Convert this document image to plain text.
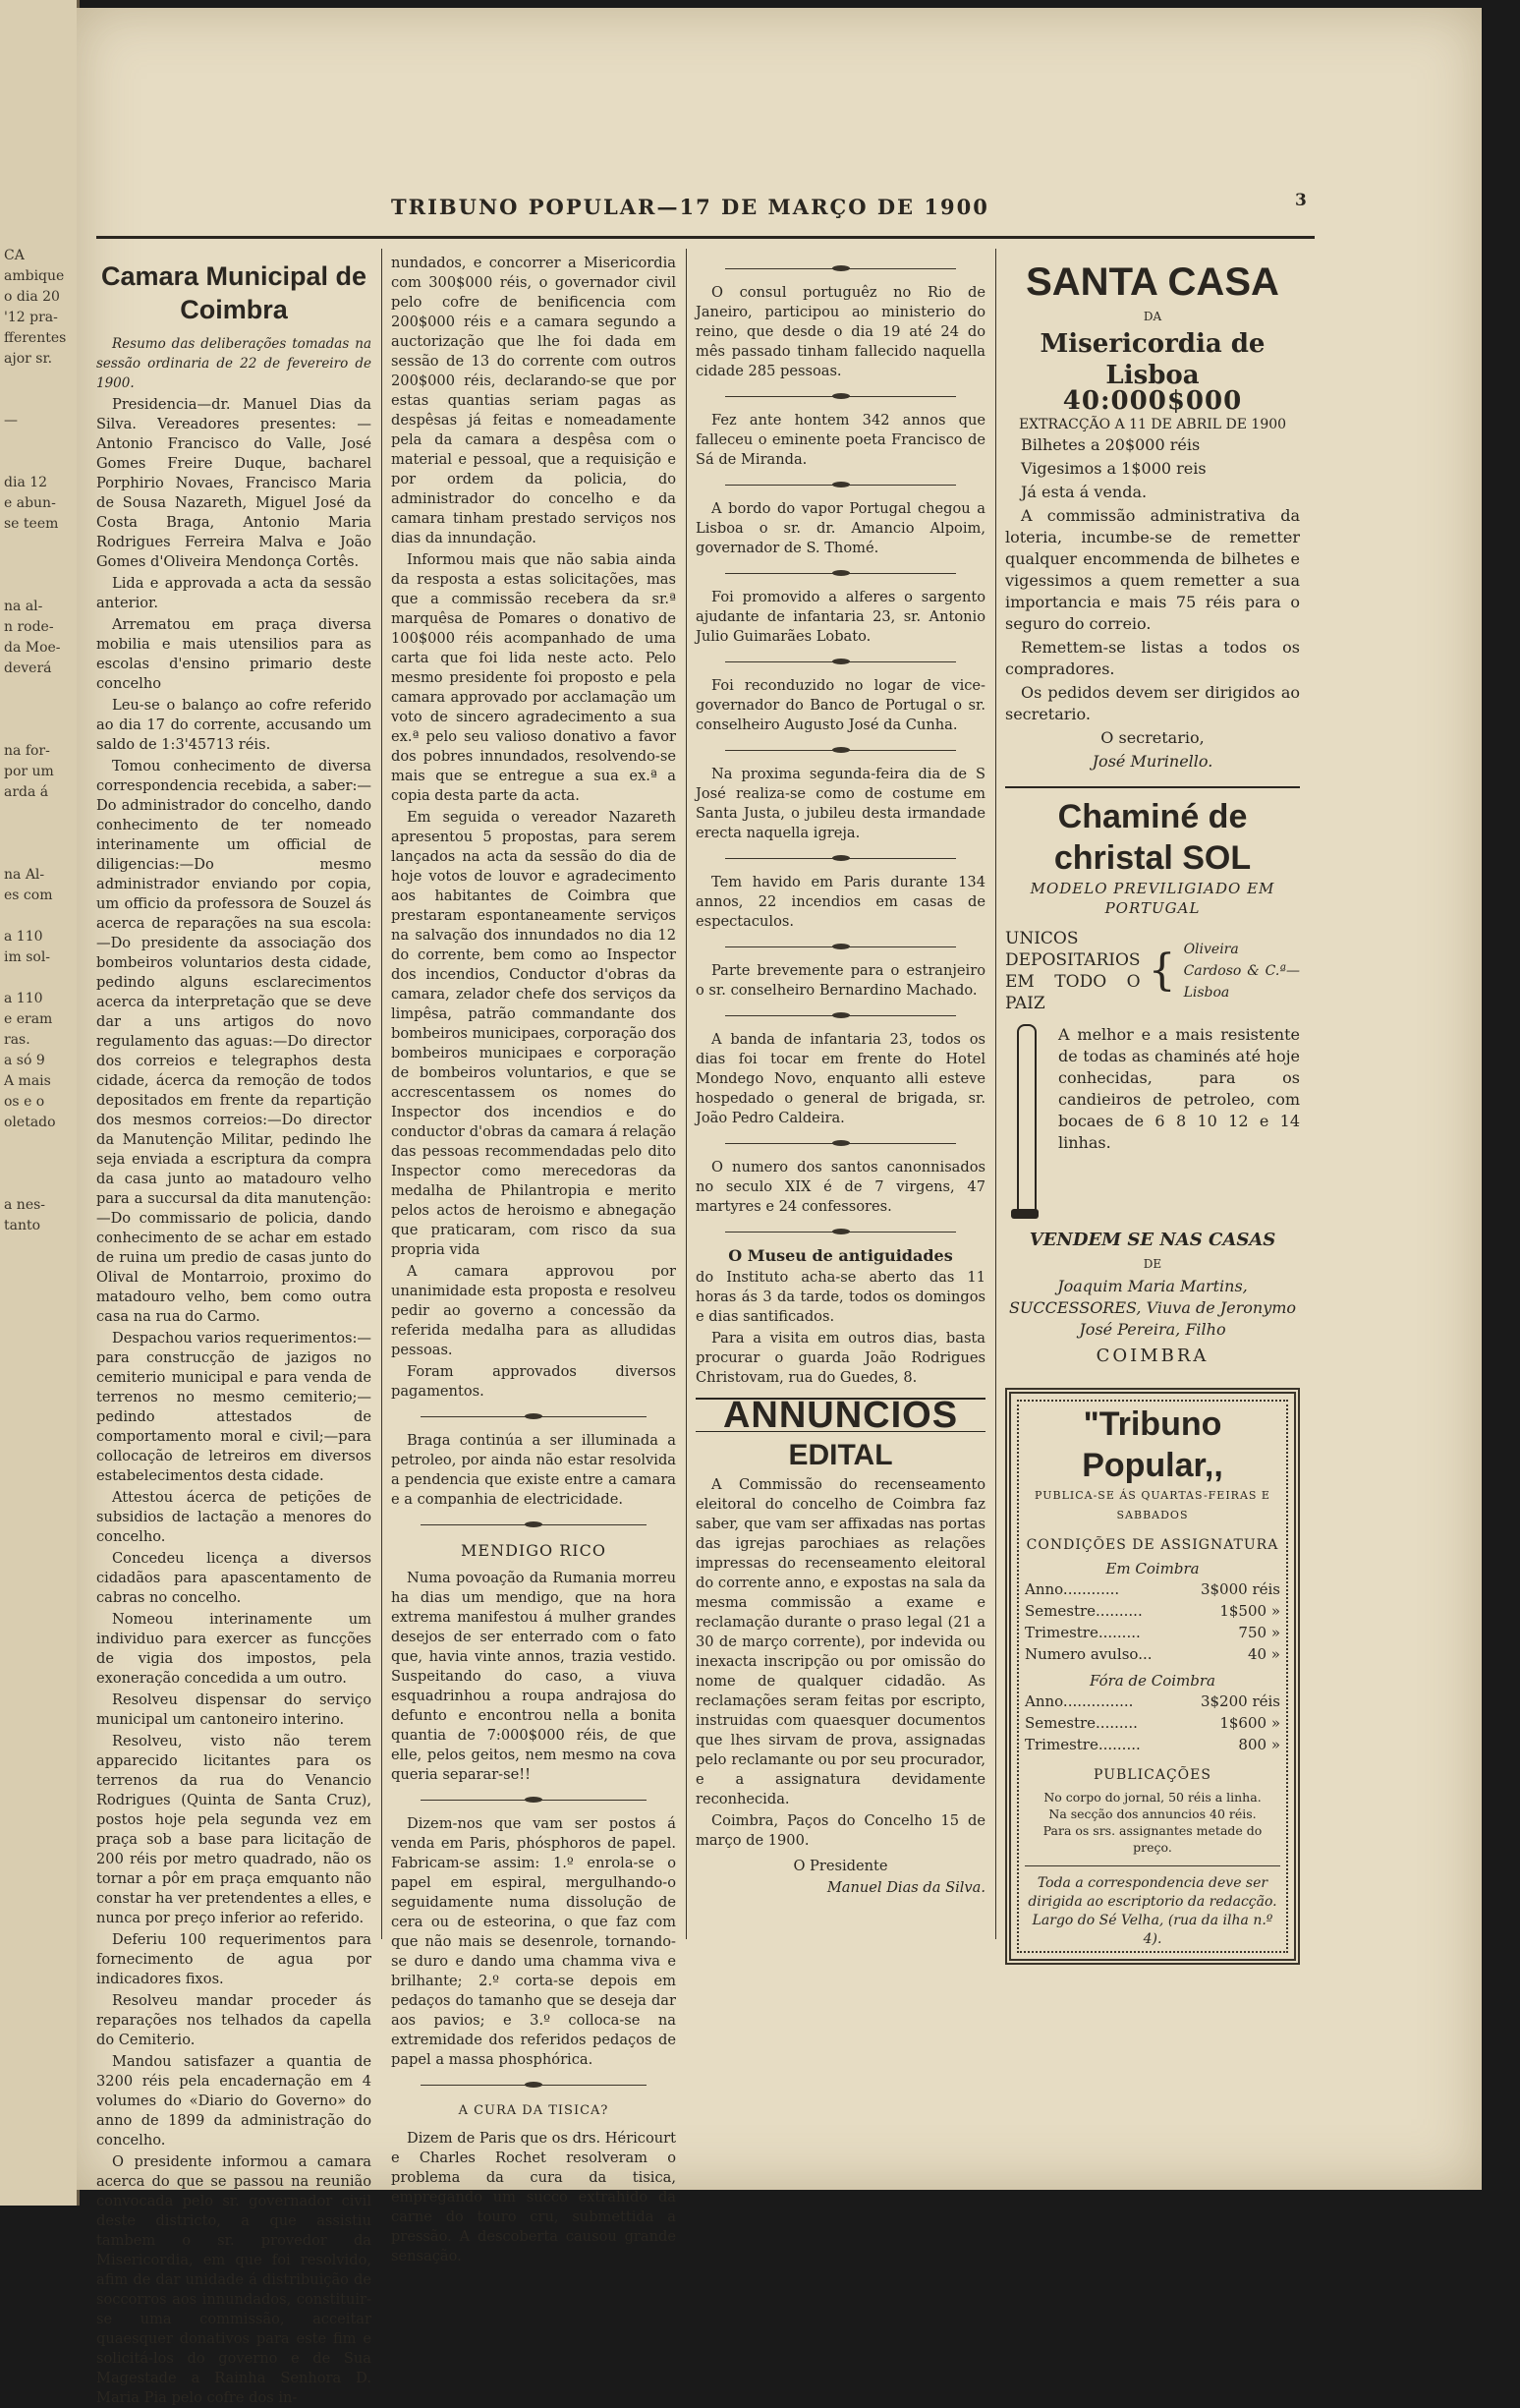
CA
ambique
o dia 20
'12 pra-
fferentes
ajor sr.

—

dia 12
e abun-
se teem

na al-
n rode-
da Moe-
deverá

na for-
por um
arda á

na Al-
es com

a 110
im sol-

a 110
e eram
ras.
a só 9
A mais
os e o
oletado

a nes-
tanto
TRIBUNO POPULAR—17 DE MARÇO DE 1900	3
Camara Municipal de Coimbra

Resumo das deliberações tomadas na sessão ordinaria de 22 de fevereiro de 1900.

Presidencia—dr. Manuel Dias da Silva. Vereadores presentes: — Antonio Francisco do Valle, José Gomes Freire Duque, bacharel Porphirio Novaes, Francisco Maria de Sousa Nazareth, Miguel José da Costa Braga, Antonio Maria Rodrigues Ferreira Malva e João Gomes d'Oliveira Mendonça Cortês.

Lida e approvada a acta da sessão anterior.

Arrematou em praça diversa mobilia e mais utensilios para as escolas d'ensino primario deste concelho

Leu-se o balanço ao cofre referido ao dia 17 do corrente, accusando um saldo de 1:3'45713 réis.

Tomou conhecimento de diversa correspondencia recebida, a saber:—Do administrador do concelho, dando conhecimento de ter nomeado interinamente um official de diligencias:—Do mesmo administrador enviando por copia, um officio da professora de Souzel ás acerca de reparações na sua escola:—Do presidente da associação dos bombeiros voluntarios desta cidade, pedindo alguns esclarecimentos acerca da interpretação que se deve dar a uns artigos do novo regulamento das aguas:—Do director dos correios e telegraphos desta cidade, ácerca da remoção de todos depositados em frente da repartição dos mesmos correios:—Do director da Manutenção Militar, pedindo lhe seja enviada a escriptura da compra da casa junto ao matadouro velho para a succursal da dita manutenção:—Do commissario de policia, dando conhecimento de se achar em estado de ruina um predio de casas junto do Olival de Montarroio, proximo do matadouro velho, bem como outra casa na rua do Carmo.

Despachou varios requerimentos:—para construcção de jazigos no cemiterio municipal e para venda de terrenos no mesmo cemiterio;—pedindo attestados de comportamento moral e civil;—para collocação de letreiros em diversos estabelecimentos desta cidade.

Attestou ácerca de petições de subsidios de lactação a menores do concelho.

Concedeu licença a diversos cidadãos para apascentamento de cabras no concelho.

Nomeou interinamente um individuo para exercer as funcções de vigia dos impostos, pela exoneração concedida a um outro.

Resolveu dispensar do serviço municipal um cantoneiro interino.

Resolveu, visto não terem apparecido licitantes para os terrenos da rua do Venancio Rodrigues (Quinta de Santa Cruz), postos hoje pela segunda vez em praça sob a base para licitação de 200 réis por metro quadrado, não os tornar a pôr em praça emquanto não constar ha ver pretendentes a elles, e nunca por preço inferior ao referido.

Deferiu 100 requerimentos para fornecimento de agua por indicadores fixos.

Resolveu mandar proceder ás reparações nos telhados da capella do Cemiterio.

Mandou satisfazer a quantia de 3200 réis pela encadernação em 4 volumes do «Diario do Governo» do anno de 1899 da administração do concelho.

O presidente informou a camara acerca do que se passou na reunião convocada pelo sr. governador civil deste districto, a que assistiu tambem o sr. provedor da Misericordia, em que foi resolvido, afim de dar unidade á distribuição de soccorros aos innundados, constituir-se uma commissão, acceitar quaesquer donativos para este fim e solicitá-los do governo e de Sua Magestade a Rainha Senhora D. Maria Pia pelo cofre dos in-

nundados, e concorrer a Misericordia com 300$000 réis, o governador civil pelo cofre de benificencia com 200$000 réis e a camara segundo a auctorização que lhe foi dada em sessão de 13 do corrente com outros 200$000 réis, declarando-se que por estas quantias seriam pagas as despêsas já feitas e nomeadamente pela da camara a despêsa com o material e pessoal, que a requisição e por ordem da policia, do administrador do concelho e da camara tinham prestado serviços nos dias da innundação.

Informou mais que não sabia ainda da resposta a estas solicitações, mas que a commissão recebera da sr.ª marquêsa de Pomares o donativo de 100$000 réis acompanhado de uma carta que foi lida neste acto. Pelo mesmo presidente foi proposto e pela camara approvado por acclamação um voto de sincero agradecimento a sua ex.ª pelo seu valioso donativo a favor dos pobres innundados, resolvendo-se mais que se entregue a sua ex.ª a copia desta parte da acta.

Em seguida o vereador Nazareth apresentou 5 propostas, para serem lançados na acta da sessão do dia de hoje votos de louvor e agradecimento aos habitantes de Coimbra que prestaram espontaneamente serviços na salvação dos innundados no dia 12 do corrente, bem como ao Inspector dos incendios, Conductor d'obras da camara, zelador chefe dos serviços da limpêsa, patrão commandante dos bombeiros municipaes, corporação dos bombeiros municipaes e corporação de bombeiros voluntarios, e que se accrescentassem os nomes do Inspector dos incendios e do conductor d'obras da camara á relação das pessoas recommendadas pelo dito Inspector como merecedoras da medalha de Philantropia e merito pelos actos de heroismo e abnegação que praticaram, com risco da sua propria vida

A camara approvou por unanimidade esta proposta e resolveu pedir ao governo a concessão da referida medalha para as alludidas pessoas.

Foram approvados diversos pagamentos.

Braga continúa a ser illuminada a petroleo, por ainda não estar resolvida a pendencia que existe entre a camara e a companhia de electricidade.

MENDIGO RICO

Numa povoação da Rumania morreu ha dias um mendigo, que na hora extrema manifestou á mulher grandes desejos de ser enterrado com o fato que, havia vinte annos, trazia vestido. Suspeitando do caso, a viuva esquadrinhou a roupa andrajosa do defunto e encontrou nella a bonita quantia de 7:000$000 réis, de que elle, pelos geitos, nem mesmo na cova queria separar-se!!

Dizem-nos que vam ser postos á venda em Paris, phósphoros de papel. Fabricam-se assim: 1.º enrola-se o papel em espiral, mergulhando-o seguidamente numa dissolução de cera ou de esteorina, o que faz com que não mais se desenrole, tornando-se duro e dando uma chamma viva e brilhante; 2.º corta-se depois em pedaços do tamanho que se deseja dar aos pavios; e 3.º colloca-se na extremidade dos referidos pedaços de papel a massa phosphórica.

A CURA DA TISICA?

Dizem de Paris que os drs. Héricourt e Charles Rochet resolveram o problema da cura da tisica, empregando um succo extrahido da carne do touro cru, submettida a pressão. A descoberta causou grande sensação.

O consul portuguêz no Rio de Janeiro, participou ao ministerio do reino, que desde o dia 19 até 24 do mês passado tinham fallecido naquella cidade 285 pessoas.

Fez ante hontem 342 annos que falleceu o eminente poeta Francisco de Sá de Miranda.

A bordo do vapor Portugal chegou a Lisboa o sr. dr. Amancio Alpoim, governador de S. Thomé.

Foi promovido a alferes o sargento ajudante de infantaria 23, sr. Antonio Julio Guimarães Lobato.

Foi reconduzido no logar de vice-governador do Banco de Portugal o sr. conselheiro Augusto José da Cunha.

Na proxima segunda-feira dia de S José realiza-se como de costume em Santa Justa, o jubileu desta irmandade erecta naquella igreja.

Tem havido em Paris durante 134 annos, 22 incendios em casas de espectaculos.

Parte brevemente para o estranjeiro o sr. conselheiro Bernardino Machado.

A banda de infantaria 23, todos os dias foi tocar em frente do Hotel Mondego Novo, enquanto alli esteve hospedado o general de brigada, sr. João Pedro Caldeira.

O numero dos santos canonnisados no seculo XIX é de 7 virgens, 47 martyres e 24 confessores.

O Museu de antiguidades

do Instituto acha-se aberto das 11 horas ás 3 da tarde, todos os domingos e dias santificados.

Para a visita em outros dias, basta procurar o guarda João Rodrigues Christovam, rua do Guedes, 8.

ANNUNCIOS
EDITAL

A Commissão do recenseamento eleitoral do concelho de Coimbra faz saber, que vam ser affixadas nas portas das igrejas parochiaes as relações impressas do recenseamento eleitoral do corrente anno, e expostas na sala da mesma commissão a exame e reclamação durante o praso legal (21 a 30 de março corrente), por indevida ou inexacta inscripção ou por omissão do nome de qualquer cidadão. As reclamações seram feitas por escripto, instruidas com quaesquer documentos que lhes sirvam de prova, assignadas pelo reclamante ou por seu procurador, e a assignatura devidamente reconhecida.

Coimbra, Paços do Concelho 15 de março de 1900.

O Presidente

Manuel Dias da Silva.

SANTA CASA
DA
Misericordia de Lisboa
40:000$000
EXTRACÇÃO A 11 DE ABRIL DE 1900

Bilhetes a 20$000 réis

Vigesimos a 1$000 reis

Já esta á venda.

A commissão administrativa da loteria, incumbe-se de remetter qualquer encommenda de bilhetes e vigessimos a quem remetter a sua importancia e mais 75 réis para o seguro do correio.

Remettem-se listas a todos os compradores.

Os pedidos devem ser dirigidos ao secretario.

O secretario,

José Murinello.

Chaminé de christal SOL
MODELO PREVILIGIADO EM PORTUGAL
UNICOS DEPOSITARIOS EM TODO O PAIZ
{ Oliveira Cardoso & C.ª—Lisboa
A melhor e a mais resistente de todas as chaminés até hoje conhecidas, para os candieiros de petroleo, com bocaes de 6 8 10 12 e 14 linhas.
VENDEM SE NAS CASAS
DE
Joaquim Maria Martins, SUCCESSORES, Viuva de Jeronymo José Pereira, Filho
COIMBRA
"Tribuno Popular,,
PUBLICA-SE ÁS QUARTAS-FEIRAS E SABBADOS
CONDIÇÕES DE ASSIGNATURA
Em Coimbra
Anno............	3$000 réis
Semestre..........	1$500 »
Trimestre.........	750 »
Numero avulso...	40 »
Fóra de Coimbra
Anno...............	3$200 réis
Semestre.........	1$600 »
Trimestre.........	800 »
PUBLICAÇÕES
No corpo do jornal, 50 réis a linha.
Na secção dos annuncios 40 réis.
Para os srs. assignantes metade do preço.
Toda a correspondencia deve ser dirigida ao escriptorio da redacção. Largo do Sé Velha, (rua da ilha n.º 4).
